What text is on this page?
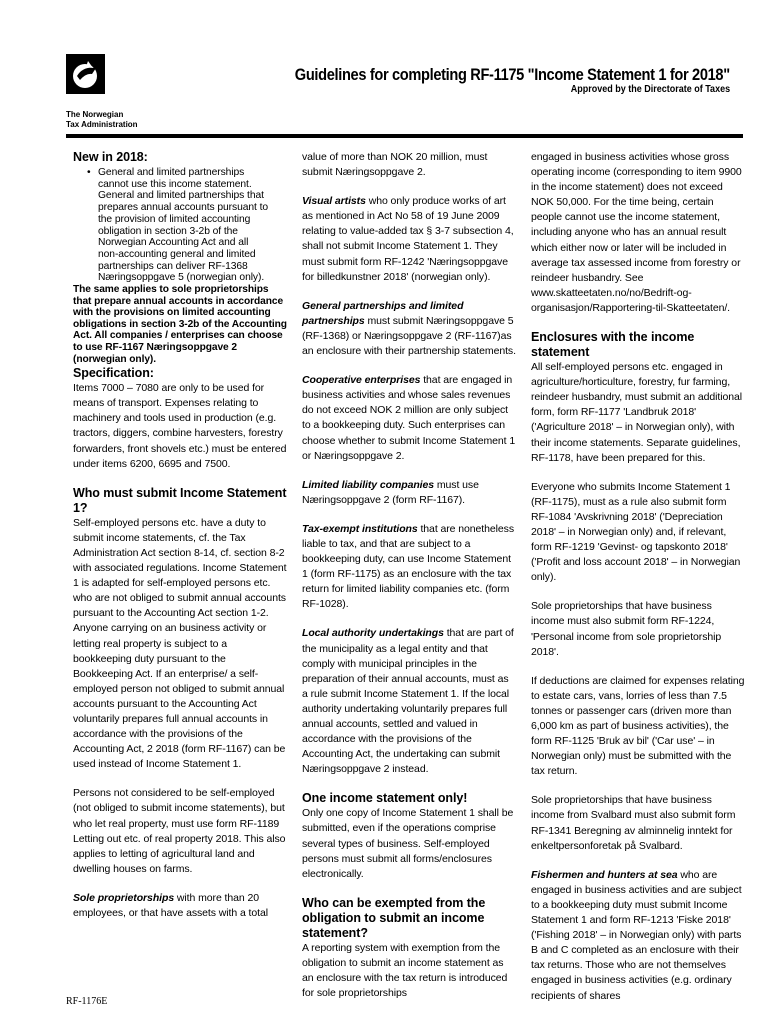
The Norwegian
Tax Administration
Guidelines for completing RF-1175 "Income Statement 1 for 2018"
Approved by the Directorate of Taxes

New in 2018:

• General and limited partnerships cannot use this income statement. General and limited partnerships that prepares annual accounts pursuant to the provision of limited accounting obligation in section 3-2b of the Norwegian Accounting Act and all non-accounting general and limited partnerships can deliver RF-1368 Næringsoppgave 5 (norwegian only).

The same applies to sole proprietorships that prepare annual accounts in accordance with the provisions on limited accounting obligations in section 3-2b of the Accounting Act. All companies / enterprises can choose to use RF-1167 Næringsoppgave 2 (norwegian only).

Specification:

Items 7000 – 7080 are only to be used for means of transport. Expenses relating to machinery and tools used in production (e.g. tractors, diggers, combine harvesters, forestry forwarders, front shovels etc.) must be entered under items 6200, 6695 and 7500.

Who must submit Income Statement 1?

Self-employed persons etc. have a duty to submit income statements, cf. the Tax Administration Act section 8-14, cf. section 8-2 with associated regulations. Income Statement 1 is adapted for self-employed persons etc. who are not obliged to submit annual accounts pursuant to the Accounting Act section 1-2. Anyone carrying on an business activity or letting real property is subject to a bookkeeping duty pursuant to the Bookkeeping Act. If an enterprise/ a self-employed person not obliged to submit annual accounts pursuant to the Accounting Act voluntarily prepares full annual accounts in accordance with the provisions of the Accounting Act, 2 2018 (form RF-1167) can be used instead of Income Statement 1.

Persons not considered to be self-employed (not obliged to submit income statements), but who let real property, must use form RF-1189 Letting out etc. of real property 2018. This also applies to letting of agricultural land and dwelling houses on farms.

Sole proprietorships with more than 20 employees, or that have assets with a total

value of more than NOK 20 million, must submit Næringsoppgave 2.

Visual artists who only produce works of art as mentioned in Act No 58 of 19 June 2009 relating to value-added tax § 3-7 subsection 4, shall not submit Income Statement 1. They must submit form RF-1242 'Næringsoppgave for billedkunstner 2018' (norwegian only).

General partnerships and limited partnerships must submit Næringsoppgave 5 (RF-1368) or Næringsoppgave 2 (RF-1167)as an enclosure with their partnership statements.

Cooperative enterprises that are engaged in business activities and whose sales revenues do not exceed NOK 2 million are only subject to a bookkeeping duty. Such enterprises can choose whether to submit Income Statement 1 or Næringsoppgave 2.

Limited liability companies must use Næringsoppgave 2 (form RF-1167).

Tax-exempt institutions that are nonetheless liable to tax, and that are subject to a bookkeeping duty, can use Income Statement 1 (form RF-1175) as an enclosure with the tax return for limited liability companies etc. (form RF-1028).

Local authority undertakings that are part of the municipality as a legal entity and that comply with municipal principles in the preparation of their annual accounts, must as a rule submit Income Statement 1. If the local authority undertaking voluntarily prepares full annual accounts, settled and valued in accordance with the provisions of the Accounting Act, the undertaking can submit Næringsoppgave 2 instead.

One income statement only!

Only one copy of Income Statement 1 shall be submitted, even if the operations comprise several types of business. Self-employed persons must submit all forms/enclosures electronically.

Who can be exempted from the obligation to submit an income statement?

A reporting system with exemption from the obligation to submit an income statement as an enclosure with the tax return is introduced for sole proprietorships

engaged in business activities whose gross operating income (corresponding to item 9900 in the income statement) does not exceed NOK 50,000. For the time being, certain people cannot use the income statement, including anyone who has an annual result which either now or later will be included in average tax assessed income from forestry or reindeer husbandry. See www.skatteetaten.no/no/Bedrift-og-organisasjon/Rapportering-til-Skatteetaten/.

Enclosures with the income statement

All self-employed persons etc. engaged in agriculture/horticulture, forestry, fur farming, reindeer husbandry, must submit an additional form, form RF-1177 'Landbruk 2018' ('Agriculture 2018' – in Norwegian only), with their income statements. Separate guidelines, RF-1178, have been prepared for this.

Everyone who submits Income Statement 1 (RF-1175), must as a rule also submit form RF-1084 'Avskrivning 2018' ('Depreciation 2018' – in Norwegian only) and, if relevant, form RF-1219 'Gevinst- og tapskonto 2018' ('Profit and loss account 2018' – in Norwegian only).

Sole proprietorships that have business income must also submit form RF-1224, 'Personal income from sole proprietorship 2018'.

If deductions are claimed for expenses relating to estate cars, vans, lorries of less than 7.5 tonnes or passenger cars (driven more than 6,000 km as part of business activities), the form RF-1125 'Bruk av bil' ('Car use' – in Norwegian only) must be submitted with the tax return.

Sole proprietorships that have business income from Svalbard must also submit form RF-1341 Beregning av alminnelig inntekt for enkeltpersonforetak på Svalbard.

Fishermen and hunters at sea who are engaged in business activities and are subject to a bookkeeping duty must submit Income Statement 1 and form RF-1213 'Fiske 2018' ('Fishing 2018' – in Norwegian only) with parts B and C completed as an enclosure with their tax returns. Those who are not themselves engaged in business activities (e.g. ordinary recipients of shares

RF-1176E
